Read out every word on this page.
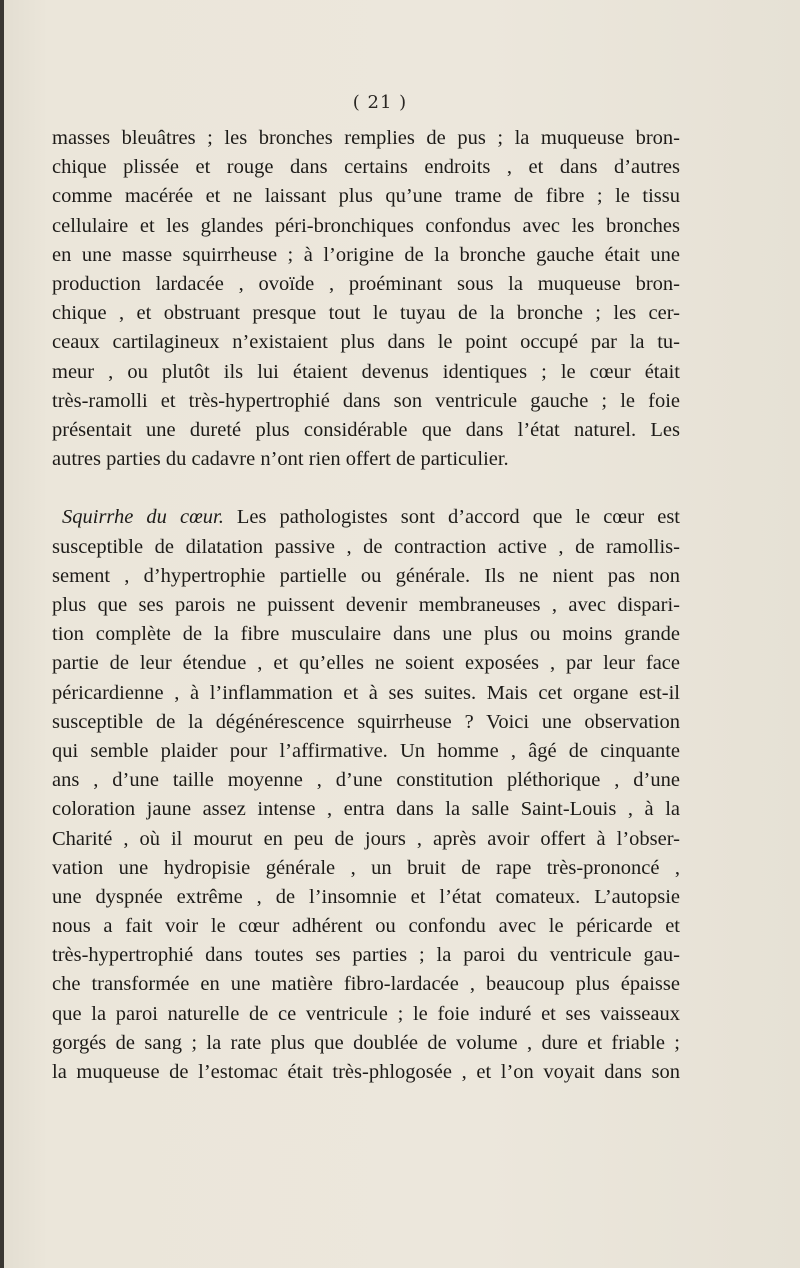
( 21 )
masses bleuâtres ; les bronches remplies de pus ; la muqueuse bron-
chique plissée et rouge dans certains endroits , et dans d’autres
comme macérée et ne laissant plus qu’une trame de fibre ; le tissu
cellulaire et les glandes péri-bronchiques confondus avec les bronches
en une masse squirrheuse ; à l’origine de la bronche gauche était une
production lardacée , ovoïde , proéminant sous la muqueuse bron-
chique , et obstruant presque tout le tuyau de la bronche ; les cer-
ceaux cartilagineux n’existaient plus dans le point occupé par la tu-
meur , ou plutôt ils lui étaient devenus identiques ; le cœur était
très-ramolli et très-hypertrophié dans son ventricule gauche ; le foie
présentait une dureté plus considérable que dans l’état naturel. Les
autres parties du cadavre n’ont rien offert de particulier.
Squirrhe du cœur. Les pathologistes sont d’accord que le cœur est
susceptible de dilatation passive , de contraction active , de ramollis-
sement , d’hypertrophie partielle ou générale. Ils ne nient pas non
plus que ses parois ne puissent devenir membraneuses , avec dispari-
tion complète de la fibre musculaire dans une plus ou moins grande
partie de leur étendue , et qu’elles ne soient exposées , par leur face
péricardienne , à l’inflammation et à ses suites. Mais cet organe est-il
susceptible de la dégénérescence squirrheuse ? Voici une observation
qui semble plaider pour l’affirmative. Un homme , âgé de cinquante
ans , d’une taille moyenne , d’une constitution pléthorique , d’une
coloration jaune assez intense , entra dans la salle Saint-Louis , à la
Charité , où il mourut en peu de jours , après avoir offert à l’obser-
vation une hydropisie générale , un bruit de rape très-prononcé ,
une dyspnée extrême , de l’insomnie et l’état comateux. L’autopsie
nous a fait voir le cœur adhérent ou confondu avec le péricarde et
très-hypertrophié dans toutes ses parties ; la paroi du ventricule gau-
che transformée en une matière fibro-lardacée , beaucoup plus épaisse
que la paroi naturelle de ce ventricule ; le foie induré et ses vaisseaux
gorgés de sang ; la rate plus que doublée de volume , dure et friable ;
la muqueuse de l’estomac était très-phlogosée , et l’on voyait dans son
